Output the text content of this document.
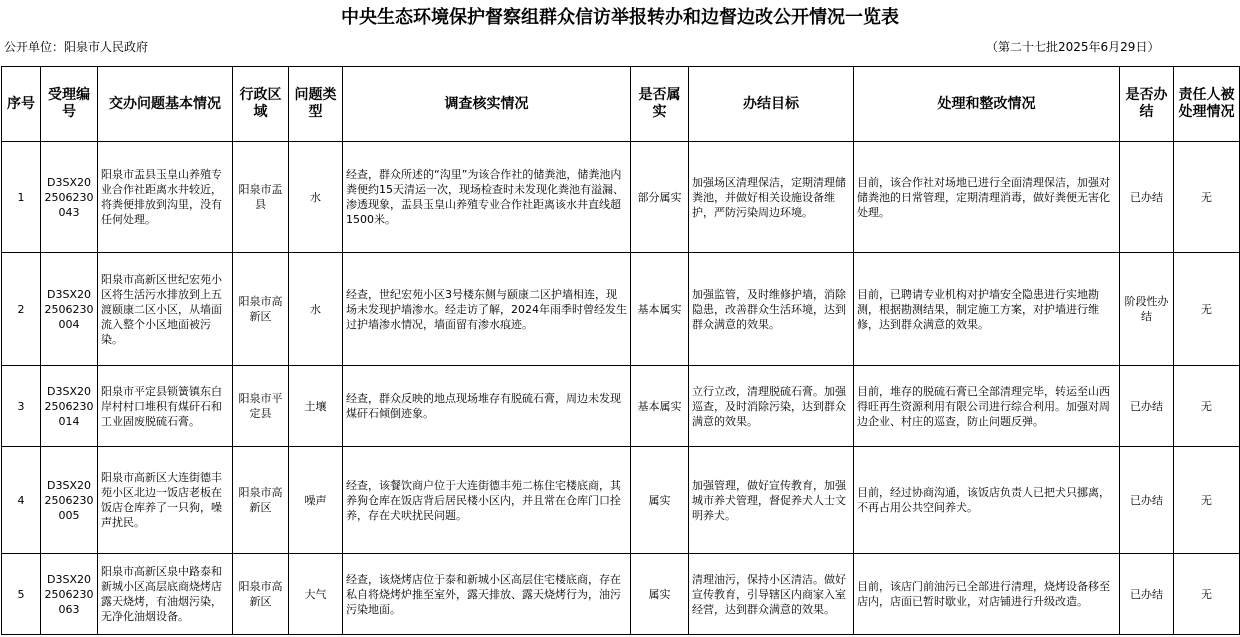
中央生态环境保护督察组群众信访举报转办和边督边改公开情况一览表
公开单位：阳泉市人民政府	（第二十七批2025年6月29日）
序号	受理编号	交办问题基本情况	行政区域	问题类型	调查核实情况	是否属实	办结目标	处理和整改情况	是否办结	责任人被处理情况
1	D3SX202506230043	阳泉市盂县玉皇山养殖专业合作社距离水井较近，将粪便排放到沟里，没有任何处理。	阳泉市盂县	水	经查，群众所述的“沟里”为该合作社的储粪池，储粪池内粪便约15天清运一次，现场检查时未发现化粪池有溢漏、渗透现象，盂县玉皇山养殖专业合作社距离该水井直线超1500米。	部分属实	加强场区清理保洁，定期清理储粪池，并做好相关设施设备维护，严防污染周边环境。	目前，该合作社对场地已进行全面清理保洁，加强对储粪池的日常管理，定期清理消毒，做好粪便无害化处理。	已办结	无
2	D3SX202506230004	阳泉市高新区世纪宏苑小区将生活污水排放到上五渡颐康二区小区，从墙面流入整个小区地面被污染。	阳泉市高新区	水	经查，世纪宏苑小区3号楼东侧与颐康二区护墙相连，现场未发现护墙渗水。经走访了解，2024年雨季时曾经发生过护墙渗水情况，墙面留有渗水痕迹。	基本属实	加强监管，及时维修护墙，消除隐患，改善群众生活环境，达到群众满意的效果。	目前，已聘请专业机构对护墙安全隐患进行实地勘测，根据勘测结果，制定施工方案，对护墙进行维修，达到群众满意的效果。	阶段性办结	无
3	D3SX202506230014	阳泉市平定县锁簧镇东白岸村村口堆积有煤矸石和工业固废脱硫石膏。	阳泉市平定县	土壤	经查，群众反映的地点现场堆存有脱硫石膏，周边未发现煤矸石倾倒迹象。	基本属实	立行立改，清理脱硫石膏。加强巡查，及时消除污染，达到群众满意的效果。	目前，堆存的脱硫石膏已全部清理完毕，转运至山西得旺再生资源利用有限公司进行综合利用。加强对周边企业、村庄的巡查，防止问题反弹。	已办结	无
4	D3SX202506230005	阳泉市高新区大连街德丰苑小区北边一饭店老板在饭店仓库养了一只狗，噪声扰民。	阳泉市高新区	噪声	经查，该餐饮商户位于大连街德丰苑二栋住宅楼底商，其养狗仓库在饭店背后居民楼小区内，并且常在仓库门口拴养，存在犬吠扰民问题。	属实	加强管理，做好宣传教育，加强城市养犬管理，督促养犬人士文明养犬。	目前，经过协商沟通，该饭店负责人已把犬只挪离，不再占用公共空间养犬。	已办结	无
5	D3SX202506230063	阳泉市高新区泉中路泰和新城小区高层底商烧烤店露天烧烤，有油烟污染，无净化油烟设备。	阳泉市高新区	大气	经查，该烧烤店位于泰和新城小区高层住宅楼底商，存在私自将烧烤炉推至室外，露天排放、露天烧烤行为，油污污染地面。	属实	清理油污，保持小区清洁。做好宣传教育，引导辖区内商家入室经营，达到群众满意的效果。	目前，该店门前油污已全部进行清理，烧烤设备移至店内，店面已暂时歇业，对店铺进行升级改造。	已办结	无
